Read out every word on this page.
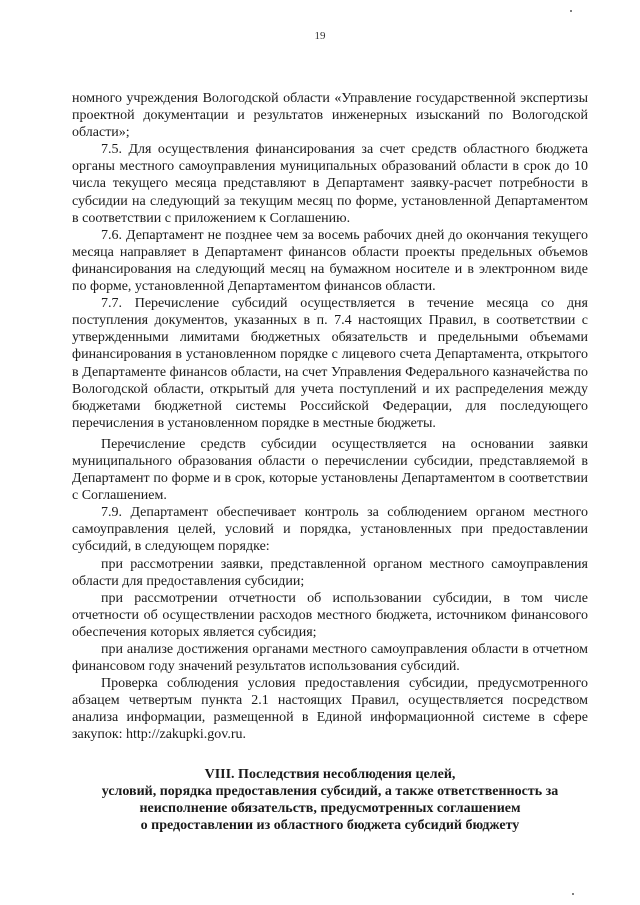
19

номного учреждения Вологодской области «Управление государственной экспертизы проектной документации и результатов инженерных изысканий по Вологодской области»;

7.5. Для осуществления финансирования за счет средств областного бюджета органы местного самоуправления муниципальных образований области в срок до 10 числа текущего месяца представляют в Департамент заявку-расчет потребности в субсидии на следующий за текущим месяц по форме, установленной Департаментом в соответствии с приложением к Соглашению.

7.6. Департамент не позднее чем за восемь рабочих дней до окончания текущего месяца направляет в Департамент финансов области проекты предельных объемов финансирования на следующий месяц на бумажном носителе и в электронном виде по форме, установленной Департаментом финансов области.

7.7. Перечисление субсидий осуществляется в течение месяца со дня поступления документов, указанных в п. 7.4 настоящих Правил, в соответствии с утвержденными лимитами бюджетных обязательств и предельными объемами финансирования в установленном порядке с лицевого счета Департамента, открытого в Департаменте финансов области, на счет Управления Федерального казначейства по Вологодской области, открытый для учета поступлений и их распределения между бюджетами бюджетной системы Российской Федерации, для последующего перечисления в установленном порядке в местные бюджеты.

Перечисление средств субсидии осуществляется на основании заявки муниципального образования области о перечислении субсидии, представляемой в Департамент по форме и в срок, которые установлены Департаментом в соответствии с Соглашением.

7.9. Департамент обеспечивает контроль за соблюдением органом местного самоуправления целей, условий и порядка, установленных при предоставлении субсидий, в следующем порядке:

при рассмотрении заявки, представленной органом местного самоуправления области для предоставления субсидии;

при рассмотрении отчетности об использовании субсидии, в том числе отчетности об осуществлении расходов местного бюджета, источником финансового обеспечения которых является субсидия;

при анализе достижения органами местного самоуправления области в отчетном финансовом году значений результатов использования субсидий.

Проверка соблюдения условия предоставления субсидии, предусмотренного абзацем четвертым пункта 2.1 настоящих Правил, осуществляется посредством анализа информации, размещенной в Единой информационной системе в сфере закупок: http://zakupki.gov.ru.

VIII. Последствия несоблюдения целей,
условий, порядка предоставления субсидий, а также ответственность за
неисполнение обязательств, предусмотренных соглашением
о предоставлении из областного бюджета субсидий бюджету
